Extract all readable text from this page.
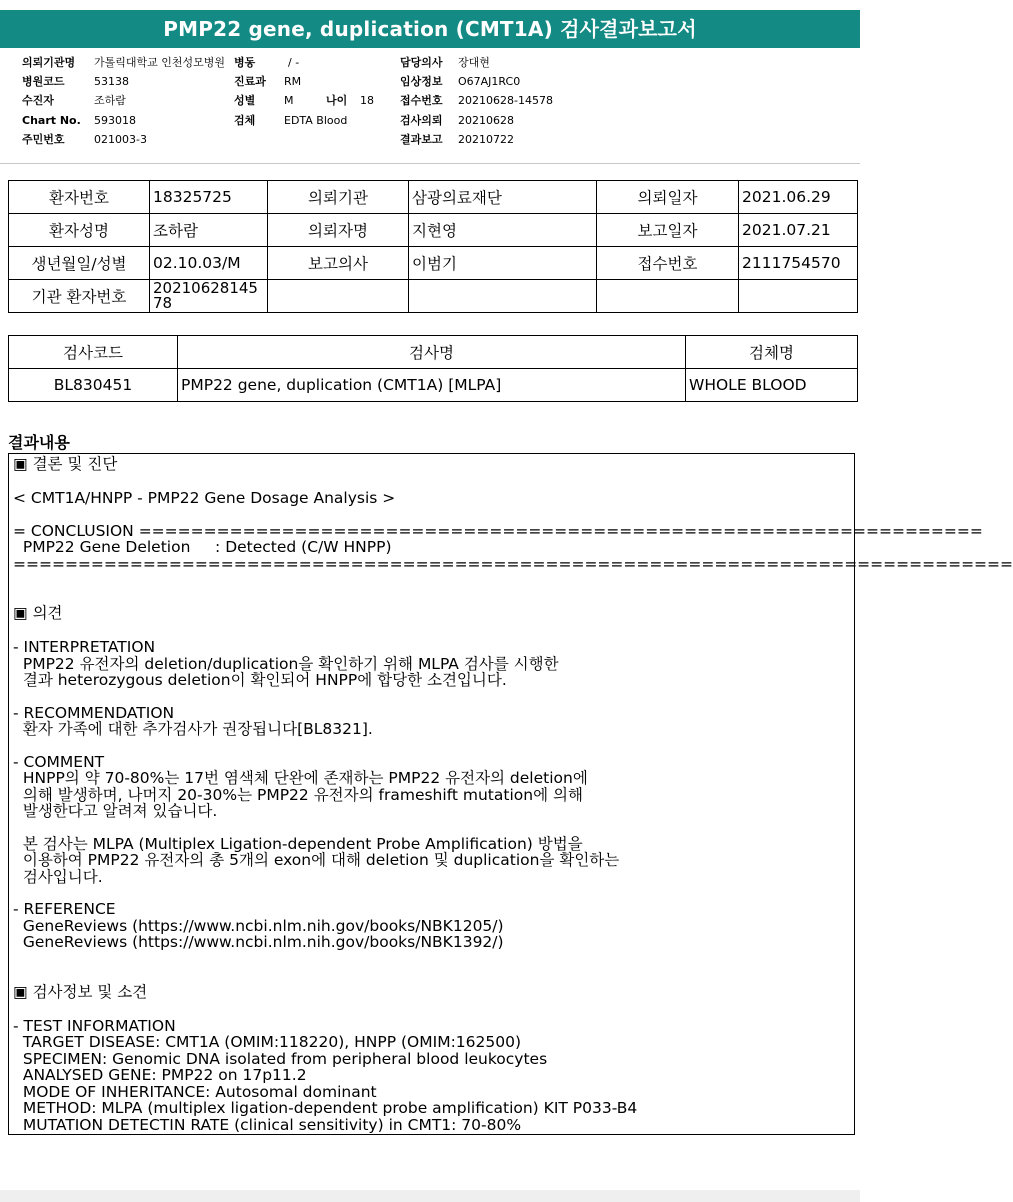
PMP22 gene, duplication (CMT1A) 검사결과보고서
의뢰기관명 가톨릭대학교 인천성모병원 병동	/ -	담당의사 장대현
병원코드	53138	진료과 RM	임상정보 O67AJ1RC0
수진자	조하람	성별	M	나이 18 접수번호 20210628-14578
Chart No. 593018	검체	EDTA Blood	검사의뢰 20210628
주민번호	021003-3	결과보고 20210722
환자번호	18325725	의뢰기관	삼광의료재단	의뢰일자	2021.06.29
환자성명	조하람	의뢰자명	지현영	보고일자	2021.07.21
생년월일/성별	02.10.03/M	보고의사	이범기	접수번호	2111754570
기관 환자번호	2021062814578				
검사코드	검사명	검체명
BL830451	PMP22 gene, duplication (CMT1A) [MLPA]	WHOLE BLOOD
결과내용
▣ 결론 및 진단
< CMT1A/HNPP - PMP22 Gene Dosage Analysis >
= CONCLUSION =================================================================
PMP22 Gene Deletion     : Detected (C/W HNPP)
=============================================================================
▣ 의견
- INTERPRETATION
PMP22 유전자의 deletion/duplication을 확인하기 위해 MLPA 검사를 시행한
결과 heterozygous deletion이 확인되어 HNPP에 합당한 소견입니다.
- RECOMMENDATION
환자 가족에 대한 추가검사가 권장됩니다[BL8321].
- COMMENT
HNPP의 약 70-80%는 17번 염색체 단완에 존재하는 PMP22 유전자의 deletion에
의해 발생하며, 나머지 20-30%는 PMP22 유전자의 frameshift mutation에 의해
발생한다고 알려져 있습니다.
본 검사는 MLPA (Multiplex Ligation-dependent Probe Amplification) 방법을
이용하여 PMP22 유전자의 총 5개의 exon에 대해 deletion 및 duplication을 확인하는
검사입니다.
- REFERENCE
GeneReviews (https://www.ncbi.nlm.nih.gov/books/NBK1205/)
GeneReviews (https://www.ncbi.nlm.nih.gov/books/NBK1392/)
▣ 검사정보 및 소견
- TEST INFORMATION
TARGET DISEASE: CMT1A (OMIM:118220), HNPP (OMIM:162500)
SPECIMEN: Genomic DNA isolated from peripheral blood leukocytes
ANALYSED GENE: PMP22 on 17p11.2
MODE OF INHERITANCE: Autosomal dominant
METHOD: MLPA (multiplex ligation-dependent probe amplification) KIT P033-B4
MUTATION DETECTIN RATE (clinical sensitivity) in CMT1: 70-80%
